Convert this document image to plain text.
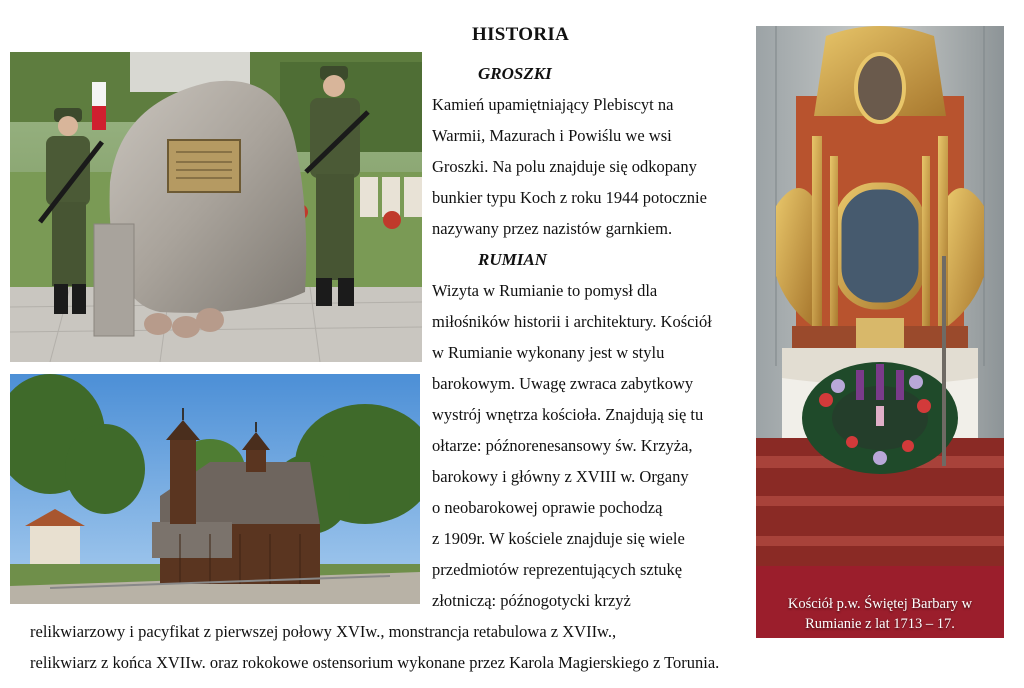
HISTORIA
Kościół p.w. Świętej Barbary w
Rumianie z lat 1713 – 17.
GROSZKI
Kamień upamiętniający Plebiscyt na
Warmii, Mazurach i Powiślu we wsi
Groszki. Na polu znajduje się odkopany
bunkier typu Koch z roku 1944 potocznie
nazywany przez nazistów garnkiem.
RUMIAN
Wizyta w Rumianie to pomysł dla
miłośników historii i architektury. Kościół
w Rumianie wykonany jest w stylu
barokowym. Uwagę zwraca zabytkowy
wystrój wnętrza kościoła. Znajdują się tu
ołtarze: późnorenesansowy św. Krzyża,
barokowy i główny z XVIII w. Organy
o neobarokowej oprawie pochodzą
z 1909r. W kościele znajduje się wiele
przedmiotów reprezentujących sztukę
złotniczą: późnogotycki krzyż
relikwiarzowy i pacyfikat z pierwszej połowy XVIw., monstrancja retabulowa z XVIIw.,
relikwiarz z końca XVIIw. oraz rokokowe ostensorium wykonane przez Karola Magierskiego z Torunia.
